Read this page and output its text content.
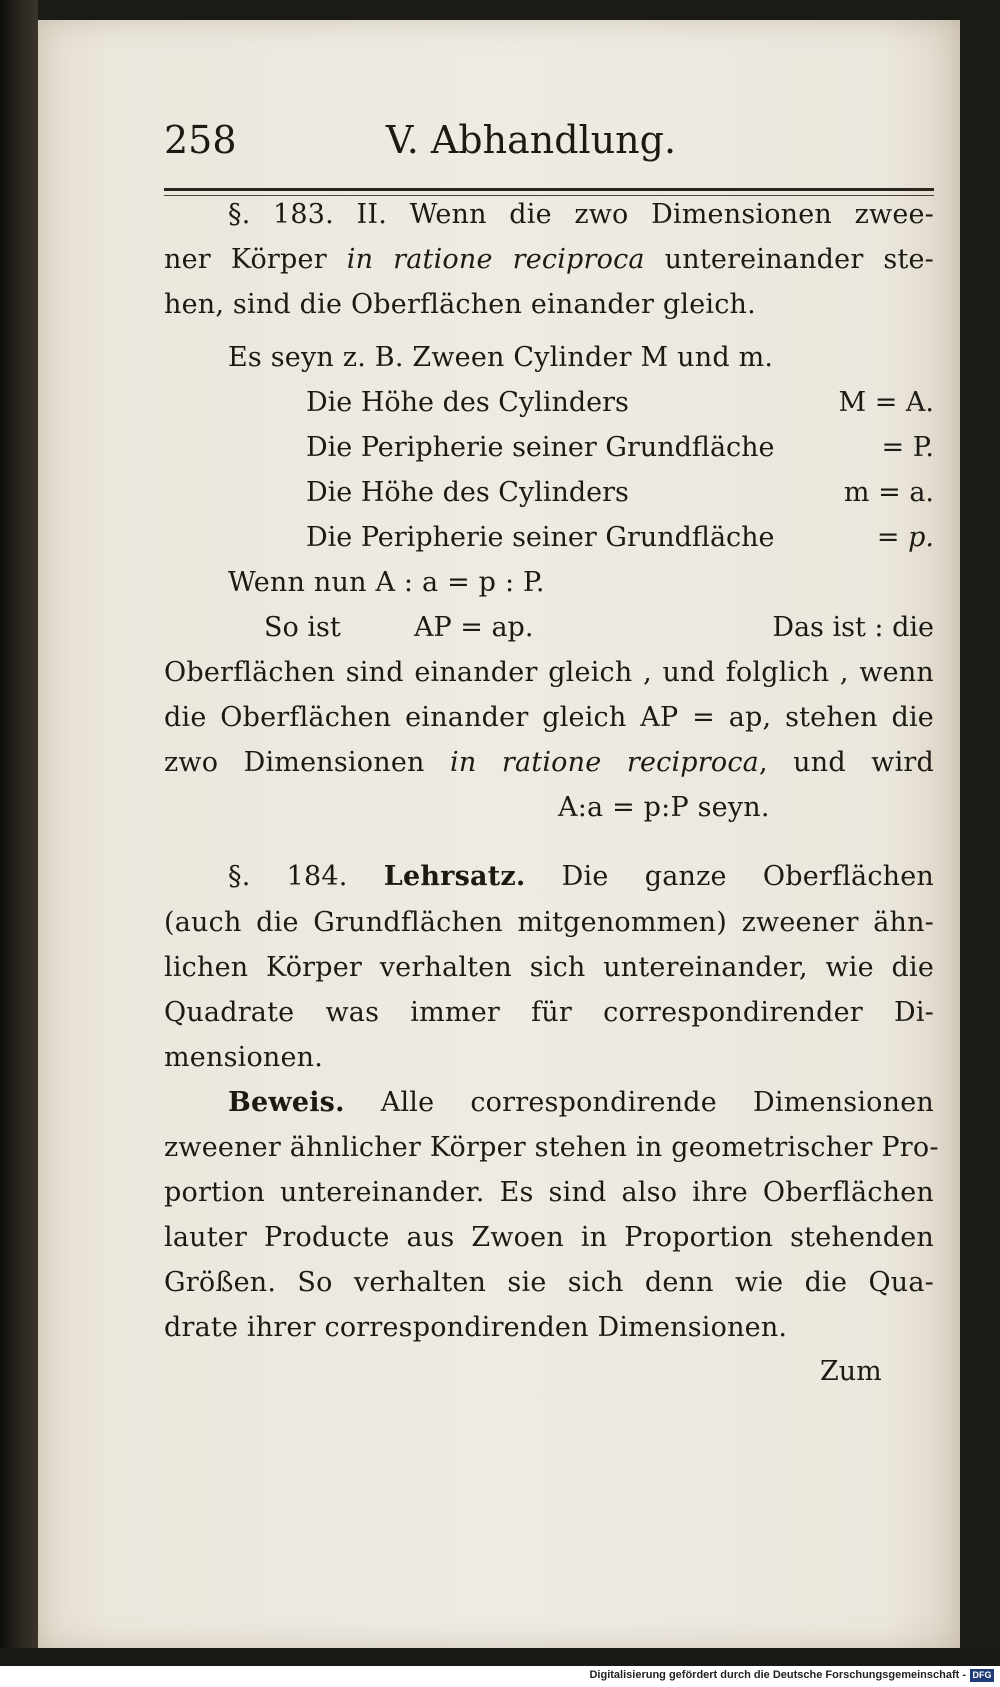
258	V. Abhandlung.
§. 183. II. Wenn die zwo Dimensionen zwee-
ner Körper in ratione reciproca untereinander ste-
hen, sind die Oberflächen einander gleich.
Es seyn z. B. Zween Cylinder M und m.
Die Höhe des Cylinders	M = A.
Die Peripherie seiner Grundfläche	= P.
Die Höhe des Cylinders	m = a.
Die Peripherie seiner Grundfläche	= p.
Wenn nun A : a = p : P.
So ist	AP = ap.	Das ist : die
Oberflächen sind einander gleich , und folglich , wenn
die Oberflächen einander gleich AP = ap, stehen die
zwo Dimensionen in ratione reciproca, und wird
A:a = p:P seyn.
§. 184. Lehrsatz. Die ganze Oberflächen
(auch die Grundflächen mitgenommen) zweener ähn-
lichen Körper verhalten sich untereinander, wie die
Quadrate was immer für correspondirender Di-
mensionen.
Beweis. Alle correspondirende Dimensionen
zweener ähnlicher Körper stehen in geometrischer Pro-
portion untereinander. Es sind also ihre Oberflächen
lauter Producte aus Zwoen in Proportion stehenden
Größen. So verhalten sie sich denn wie die Qua-
drate ihrer correspondirenden Dimensionen.
Zum
Digitalisierung gefördert durch die Deutsche Forschungsgemeinschaft - DFG
